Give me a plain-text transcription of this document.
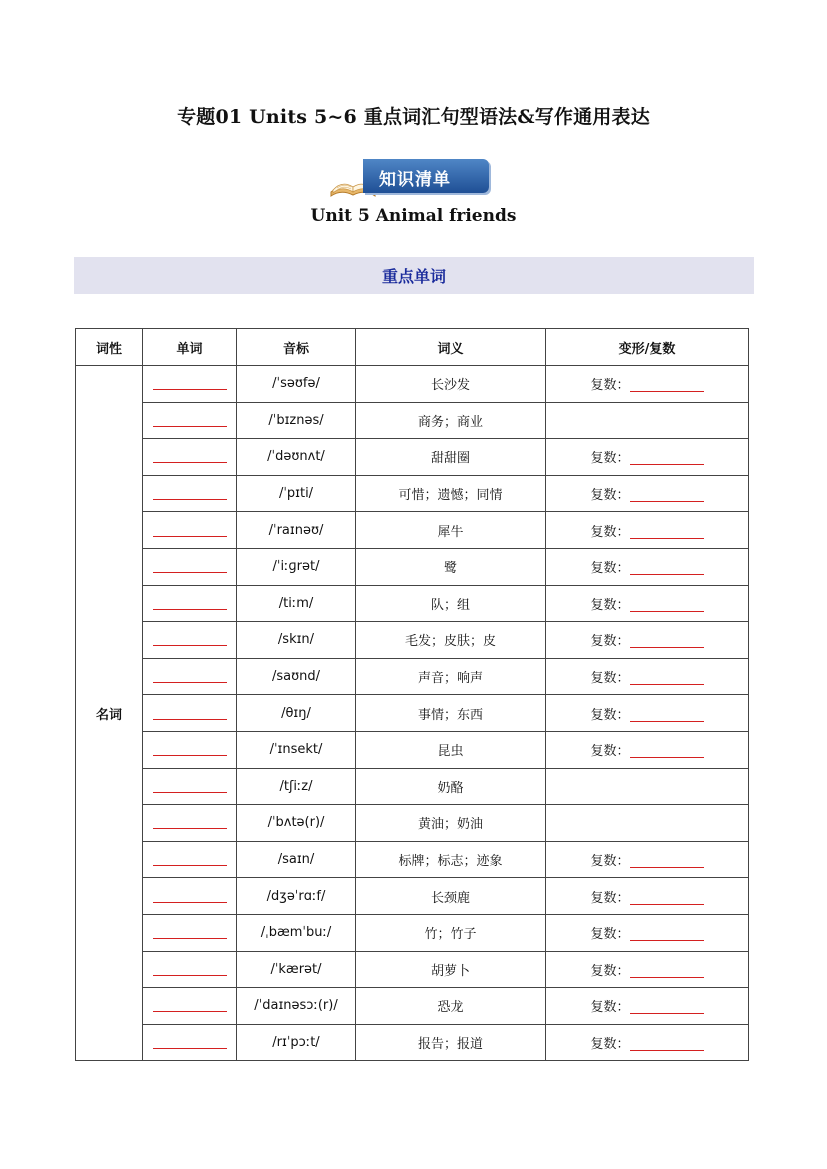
专题01 Units 5~6 重点词汇句型语法&写作通用表达
知识清单
Unit 5 Animal friends
重点单词
词性	单词	音标	词义	变形/复数
名词		/ˈsəʊfə/	长沙发	复数：
		/ˈbɪznəs/	商务；商业	
		/ˈdəʊnʌt/	甜甜圈	复数：
		/ˈpɪti/	可惜；遗憾；同情	复数：
		/ˈraɪnəʊ/	犀牛	复数：
		/ˈiːɡrət/	鹭	复数：
		/tiːm/	队；组	复数：
		/skɪn/	毛发；皮肤；皮	复数：
		/saʊnd/	声音；响声	复数：
		/θɪŋ/	事情；东西	复数：
		/ˈɪnsekt/	昆虫	复数：
		/tʃiːz/	奶酪	
		/ˈbʌtə(r)/	黄油；奶油	
		/saɪn/	标牌；标志；迹象	复数：
		/dʒəˈrɑːf/	长颈鹿	复数：
		/ˌbæmˈbuː/	竹；竹子	复数：
		/ˈkærət/	胡萝卜	复数：
		/ˈdaɪnəsɔː(r)/	恐龙	复数：
		/rɪˈpɔːt/	报告；报道	复数：
